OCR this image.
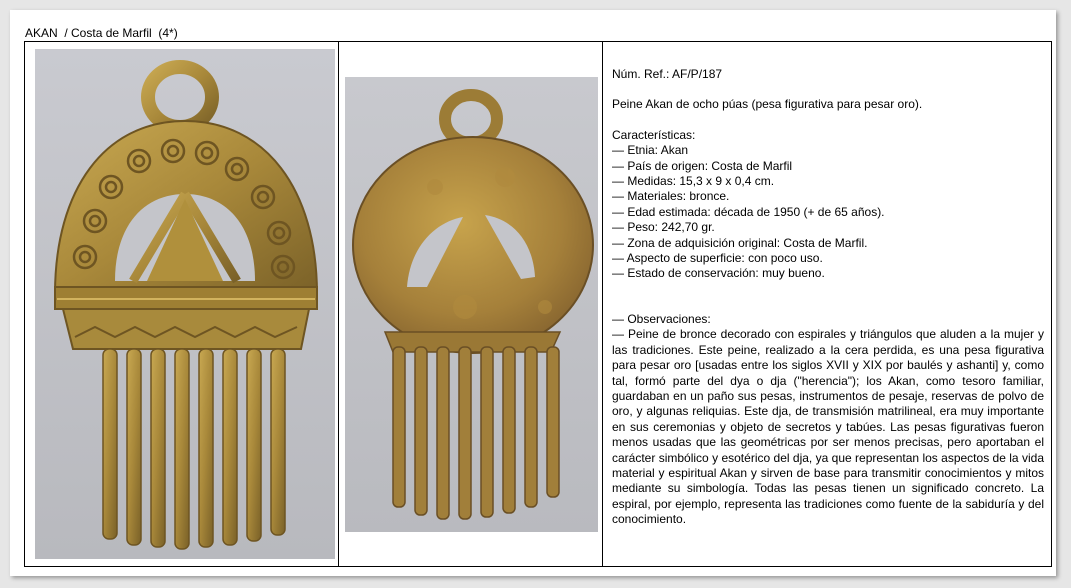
AKAN  / Costa de Marfil  (4*)

Núm. Ref.: AF/P/187

Peine Akan de ocho púas (pesa figurativa para pesar oro).

Características:

— Etnia: Akan

— País de origen: Costa de Marfil

— Medidas: 15,3 x 9 x 0,4 cm.

— Materiales: bronce.

— Edad estimada: década de 1950 (+ de 65 años).

— Peso: 242,70 gr.

— Zona de adquisición original: Costa de Marfil.

— Aspecto de superficie: con poco uso.

— Estado de conservación: muy bueno.

— Observaciones:

— Peine de bronce decorado con espirales y triángulos que aluden a la mujer y las tradiciones. Este peine, realizado a la cera perdida, es una pesa figurativa para pesar oro [usadas entre los siglos XVII y XIX por baulés y ashanti] y, como tal, formó parte del dya o dja ("herencia"); los Akan, como tesoro familiar, guardaban en un paño sus pesas, instrumentos de pesaje, reservas de polvo de oro, y algunas reliquias. Este dja, de transmisión matrilineal, era muy importante en sus ceremonias y objeto de secretos y tabúes. Las pesas figurativas fueron menos usadas que las geométricas por ser menos precisas, pero aportaban el carácter simbólico y esotérico del dja, ya que representan los aspectos de la vida material y espiritual Akan y sirven de base para transmitir conocimientos y mitos mediante su simbología. Todas las pesas tienen un significado concreto. La espiral, por ejemplo, representa las tradiciones como fuente de la sabiduría y del conocimiento.
